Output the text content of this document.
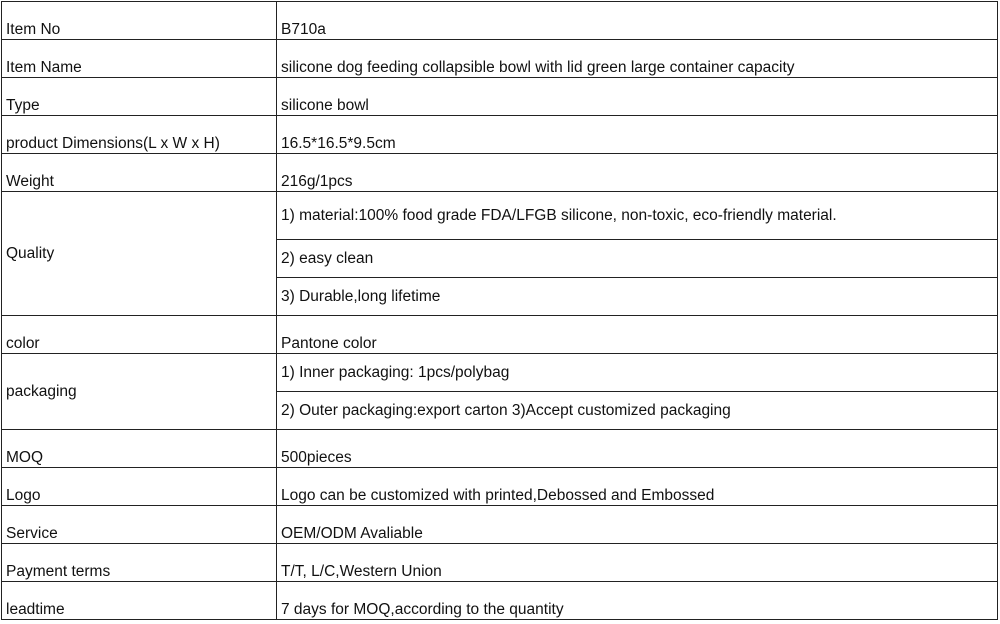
Item No	B710a
Item Name	silicone dog feeding collapsible bowl with lid green large container capacity
Type	silicone bowl
product Dimensions(L x W x H)	16.5*16.5*9.5cm
Weight	216g/1pcs
Quality	1) material:100% food grade FDA/LFGB silicone, non-toxic, eco-friendly material.
	2) easy clean
	3) Durable,long lifetime
color	Pantone color
packaging	1) Inner packaging: 1pcs/polybag
	2) Outer packaging:export carton 3)Accept customized packaging
MOQ	500pieces
Logo	Logo can be customized with printed,Debossed and Embossed
Service	OEM/ODM Avaliable
Payment terms	T/T, L/C,Western Union
leadtime	7 days for MOQ,according to the quantity
